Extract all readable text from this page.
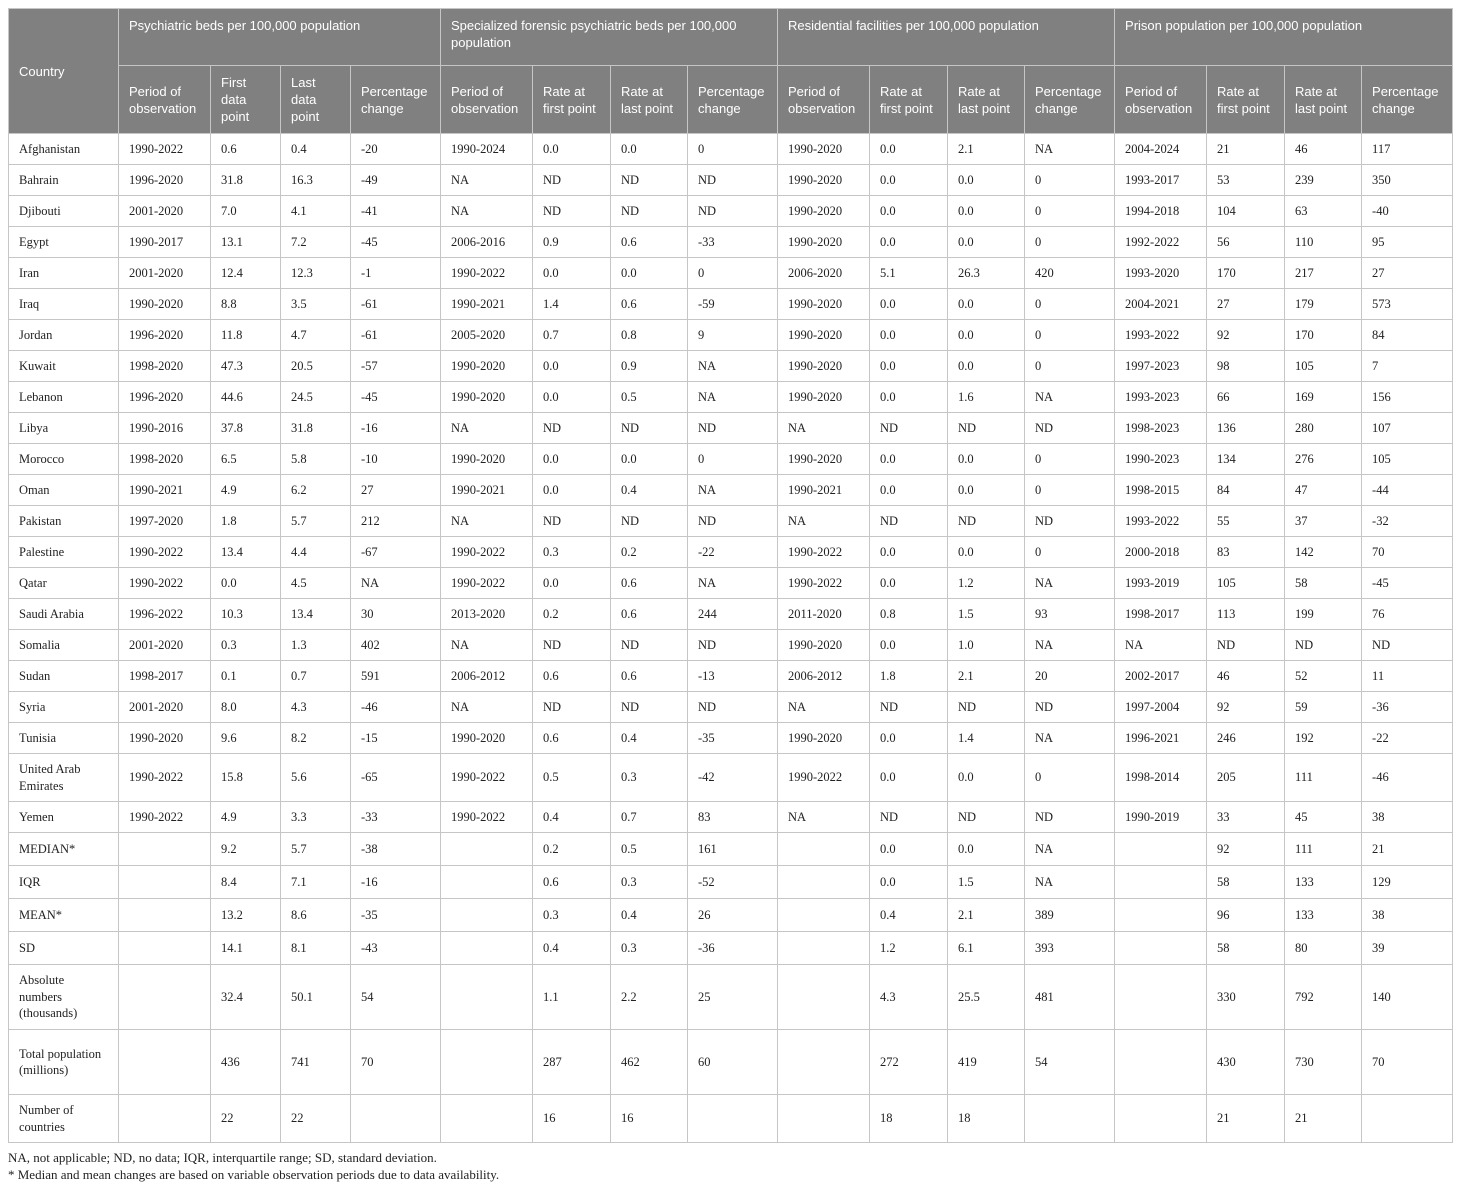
Country	Psychiatric beds per 100,000 population				Specialized forensic psychiatric beds per 100,000 population				Residential facilities per 100,000 population				Prison population per 100,000 population			
	Period of observation	First data point	Last data point	Percentage change	Period of observation	Rate at first point	Rate at last point	Percentage change	Period of observation	Rate at first point	Rate at last point	Percentage change	Period of observation	Rate at first point	Rate at last point	Percentage change
Afghanistan	1990-2022	0.6	0.4	-20	1990-2024	0.0	0.0	0	1990-2020	0.0	2.1	NA	2004-2024	21	46	117
Bahrain	1996-2020	31.8	16.3	-49	NA	ND	ND	ND	1990-2020	0.0	0.0	0	1993-2017	53	239	350
Djibouti	2001-2020	7.0	4.1	-41	NA	ND	ND	ND	1990-2020	0.0	0.0	0	1994-2018	104	63	-40
Egypt	1990-2017	13.1	7.2	-45	2006-2016	0.9	0.6	-33	1990-2020	0.0	0.0	0	1992-2022	56	110	95
Iran	2001-2020	12.4	12.3	-1	1990-2022	0.0	0.0	0	2006-2020	5.1	26.3	420	1993-2020	170	217	27
Iraq	1990-2020	8.8	3.5	-61	1990-2021	1.4	0.6	-59	1990-2020	0.0	0.0	0	2004-2021	27	179	573
Jordan	1996-2020	11.8	4.7	-61	2005-2020	0.7	0.8	9	1990-2020	0.0	0.0	0	1993-2022	92	170	84
Kuwait	1998-2020	47.3	20.5	-57	1990-2020	0.0	0.9	NA	1990-2020	0.0	0.0	0	1997-2023	98	105	7
Lebanon	1996-2020	44.6	24.5	-45	1990-2020	0.0	0.5	NA	1990-2020	0.0	1.6	NA	1993-2023	66	169	156
Libya	1990-2016	37.8	31.8	-16	NA	ND	ND	ND	NA	ND	ND	ND	1998-2023	136	280	107
Morocco	1998-2020	6.5	5.8	-10	1990-2020	0.0	0.0	0	1990-2020	0.0	0.0	0	1990-2023	134	276	105
Oman	1990-2021	4.9	6.2	27	1990-2021	0.0	0.4	NA	1990-2021	0.0	0.0	0	1998-2015	84	47	-44
Pakistan	1997-2020	1.8	5.7	212	NA	ND	ND	ND	NA	ND	ND	ND	1993-2022	55	37	-32
Palestine	1990-2022	13.4	4.4	-67	1990-2022	0.3	0.2	-22	1990-2022	0.0	0.0	0	2000-2018	83	142	70
Qatar	1990-2022	0.0	4.5	NA	1990-2022	0.0	0.6	NA	1990-2022	0.0	1.2	NA	1993-2019	105	58	-45
Saudi Arabia	1996-2022	10.3	13.4	30	2013-2020	0.2	0.6	244	2011-2020	0.8	1.5	93	1998-2017	113	199	76
Somalia	2001-2020	0.3	1.3	402	NA	ND	ND	ND	1990-2020	0.0	1.0	NA	NA	ND	ND	ND
Sudan	1998-2017	0.1	0.7	591	2006-2012	0.6	0.6	-13	2006-2012	1.8	2.1	20	2002-2017	46	52	11
Syria	2001-2020	8.0	4.3	-46	NA	ND	ND	ND	NA	ND	ND	ND	1997-2004	92	59	-36
Tunisia	1990-2020	9.6	8.2	-15	1990-2020	0.6	0.4	-35	1990-2020	0.0	1.4	NA	1996-2021	246	192	-22
United Arab Emirates	1990-2022	15.8	5.6	-65	1990-2022	0.5	0.3	-42	1990-2022	0.0	0.0	0	1998-2014	205	111	-46
Yemen	1990-2022	4.9	3.3	-33	1990-2022	0.4	0.7	83	NA	ND	ND	ND	1990-2019	33	45	38
MEDIAN*		9.2	5.7	-38		0.2	0.5	161		0.0	0.0	NA		92	111	21
IQR		8.4	7.1	-16		0.6	0.3	-52		0.0	1.5	NA		58	133	129
MEAN*		13.2	8.6	-35		0.3	0.4	26		0.4	2.1	389		96	133	38
SD		14.1	8.1	-43		0.4	0.3	-36		1.2	6.1	393		58	80	39
Absolute numbers (thousands)		32.4	50.1	54		1.1	2.2	25		4.3	25.5	481		330	792	140
Total population (millions)		436	741	70		287	462	60		272	419	54		430	730	70
Number of countries		22	22			16	16			18	18			21	21	
NA, not applicable; ND, no data; IQR, interquartile range; SD, standard deviation.
* Median and mean changes are based on variable observation periods due to data availability.
